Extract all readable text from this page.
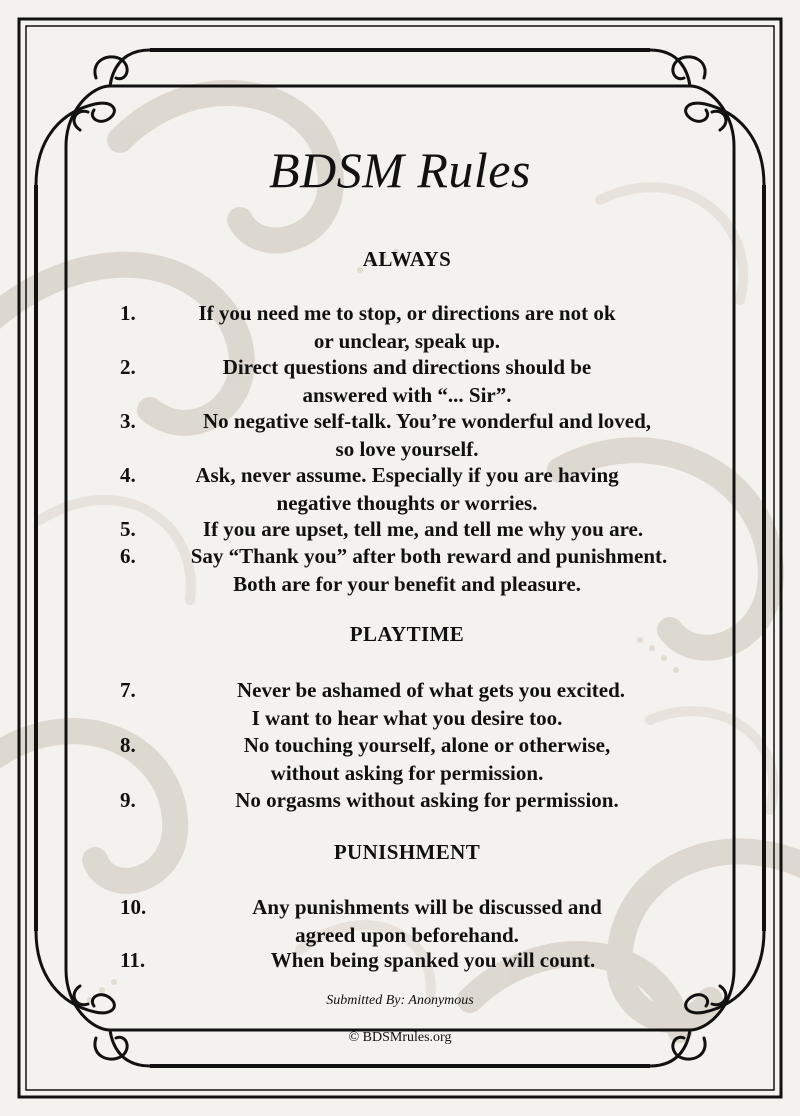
BDSM Rules
ALWAYS
1.	If you need me to stop, or directions are not ok
or unclear, speak up.
2.	Direct questions and directions should be
answered with “... Sir”.
3.	No negative self-talk. You’re wonderful and loved,
so love yourself.
4.	Ask, never assume. Especially if you are having
negative thoughts or worries.
5.	If you are upset, tell me, and tell me why you are.
6.	Say “Thank you” after both reward and punishment.
Both are for your benefit and pleasure.
PLAYTIME
7.	Never be ashamed of what gets you excited.
I want to hear what you desire too.
8.	No touching yourself, alone or otherwise,
without asking for permission.
9.	No orgasms without asking for permission.
PUNISHMENT
10.	Any punishments will be discussed and
agreed upon beforehand.
11.	When being spanked you will count.
Submitted By: Anonymous
© BDSMrules.org
